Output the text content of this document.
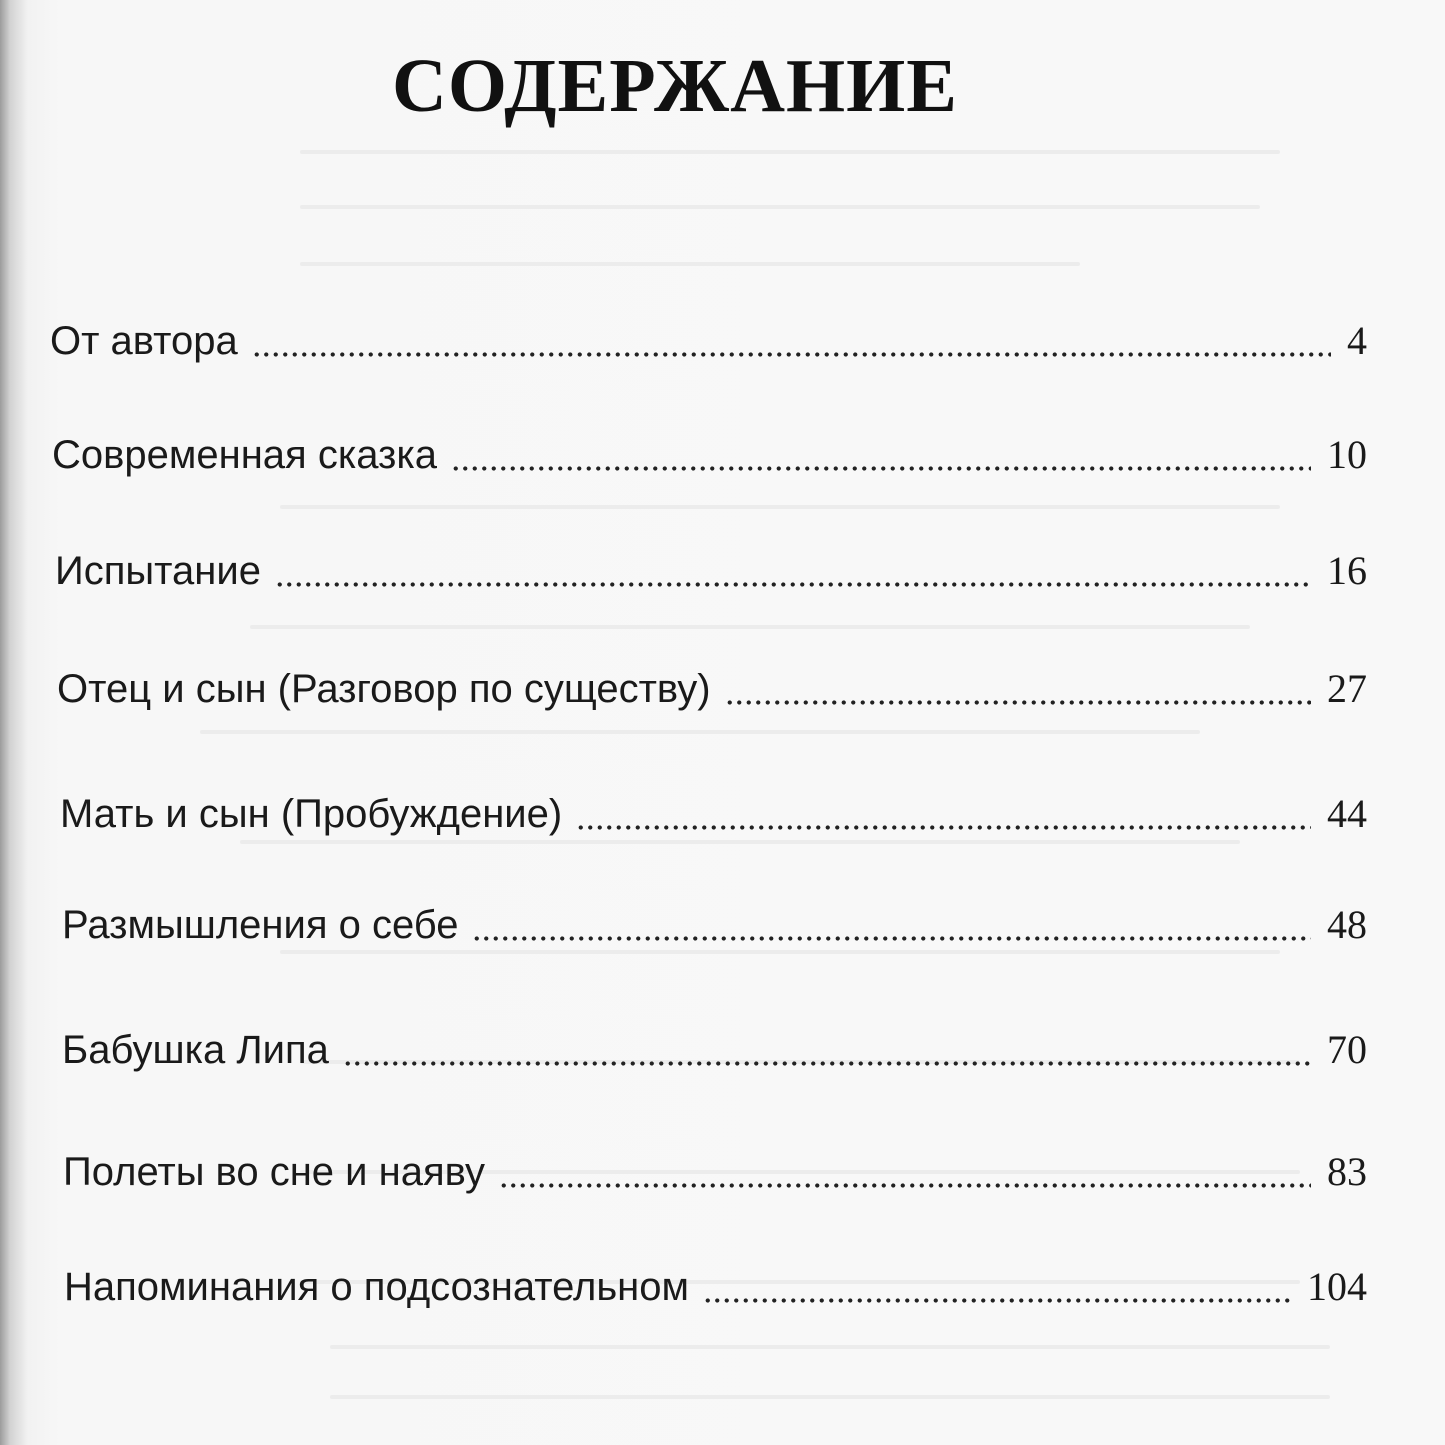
СОДЕРЖАНИЕ
От автора	4
Современная сказка	10
Испытание	16
Отец и сын (Разговор по существу)	27
Мать и сын (Пробуждение)	44
Размышления о себе	48
Бабушка Липа	70
Полеты во сне и наяву	83
Напоминания о подсознательном	104
